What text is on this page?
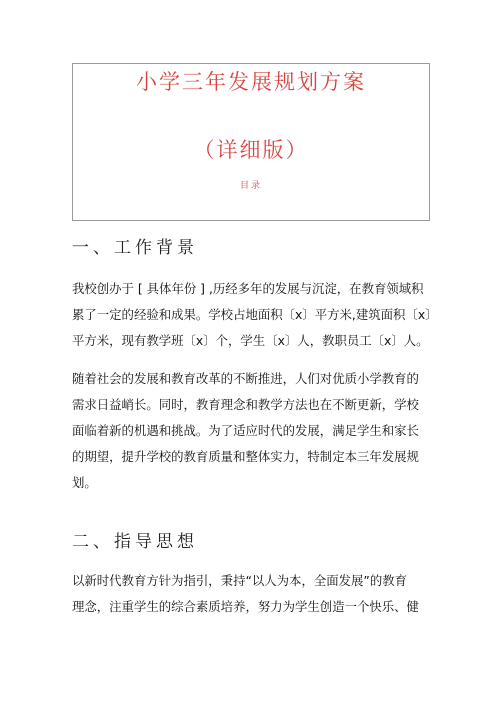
小学三年发展规划方案
（详细版）
目录
一、工作背景
我校创办于 [ 具体年份 ] ,历经多年的发展与沉淀，在教育领域积
累了一定的经验和成果。学校占地面积〔x〕平方米,建筑面积〔x〕
平方米，现有教学班〔x〕个，学生〔x〕人，教职员工〔x〕人。
随着社会的发展和教育改革的不断推进，人们对优质小学教育的
需求日益峭长。同时，教育理念和教学方法也在不断更新，学校
面临着新的机遇和挑战。为了适应时代的发展，满足学生和家长
的期望，提升学校的教育质量和整体实力，特制定本三年发展规
划。
二、指导思想
以新时代教育方针为指引，秉持“以人为本，全面发展”的教育
理念，注重学生的综合素质培养，努力为学生创造一个快乐、健
